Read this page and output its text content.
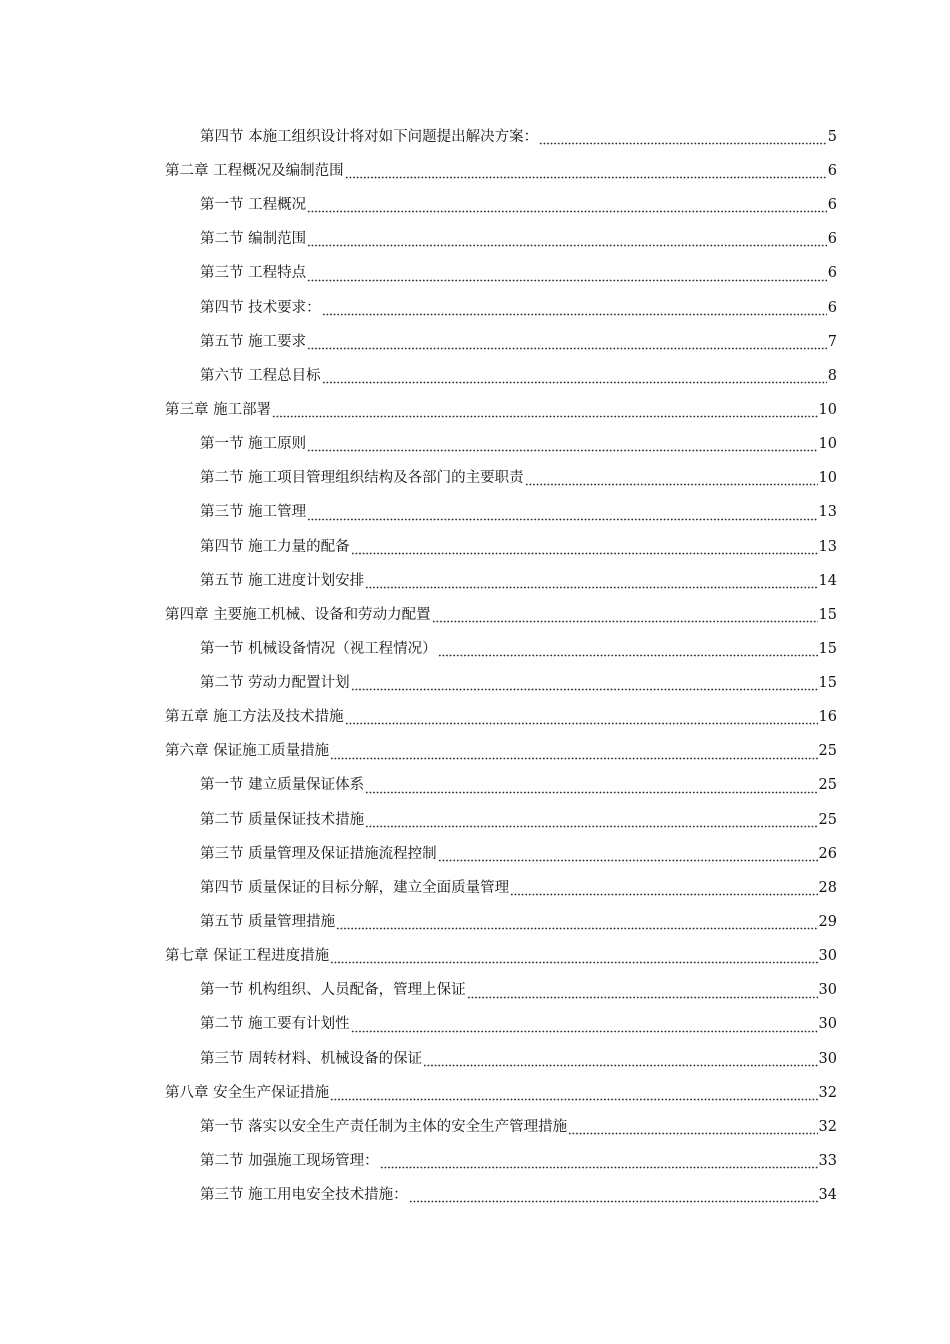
第四节 本施工组织设计将对如下问题提出解决方案：	5
第二章 工程概况及编制范围	6
第一节 工程概况	6
第二节 编制范围	6
第三节 工程特点	6
第四节 技术要求：	6
第五节 施工要求	7
第六节 工程总目标	8
第三章 施工部署	10
第一节 施工原则	10
第二节 施工项目管理组织结构及各部门的主要职责	10
第三节 施工管理	13
第四节 施工力量的配备	13
第五节 施工进度计划安排	14
第四章 主要施工机械、设备和劳动力配置	15
第一节 机械设备情况（视工程情况）	15
第二节 劳动力配置计划	15
第五章 施工方法及技术措施	16
第六章 保证施工质量措施	25
第一节 建立质量保证体系	25
第二节 质量保证技术措施	25
第三节 质量管理及保证措施流程控制	26
第四节 质量保证的目标分解，建立全面质量管理	28
第五节 质量管理措施	29
第七章 保证工程进度措施	30
第一节 机构组织、人员配备，管理上保证	30
第二节 施工要有计划性	30
第三节 周转材料、机械设备的保证	30
第八章 安全生产保证措施	32
第一节 落实以安全生产责任制为主体的安全生产管理措施	32
第二节 加强施工现场管理：	33
第三节 施工用电安全技术措施：	34
